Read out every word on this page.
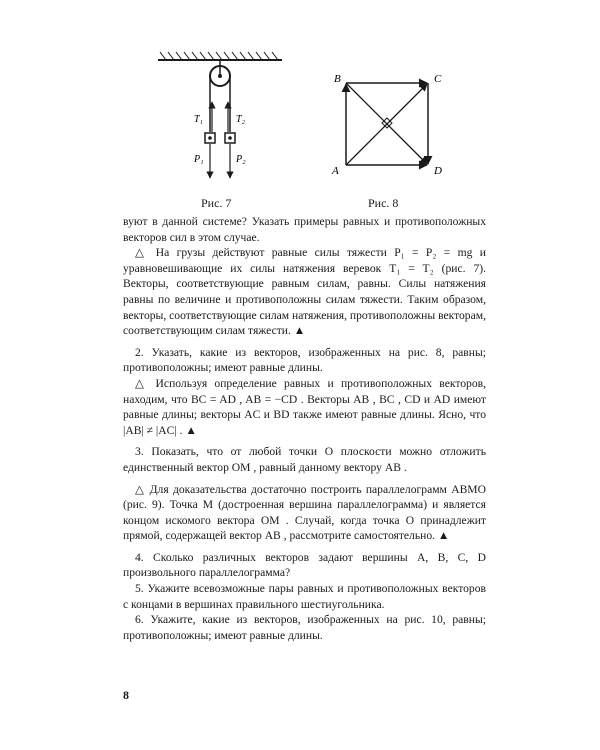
T₁	T₂
P₁	P₂
Рис. 7
A
B	C
D
Рис. 8

вуют в данной системе? Указать примеры равных и противоположных векторов сил в этом случае.

△ На грузы действуют равные силы тяжести P₁ = P₂ = mg и уравновешивающие их силы натяжения веревок T₁ = T₂ (рис. 7). Векторы, соответствующие равным силам, равны. Силы натяжения равны по величине и противоположны силам тяжести. Таким образом, векторы, соответствующие силам натяжения, противоположны векторам, соответствующим силам тяжести. ▲

2. Указать, какие из векторов, изображенных на рис. 8, равны; противоположны; имеют равные длины.

△ Используя определение равных и противоположных векторов, находим, что BC = AD , AB = −CD . Векторы AB , BC , CD и AD имеют равные длины; векторы AC и BD также имеют равные длины. Ясно, что |AB| ≠ |AC| . ▲

3. Показать, что от любой точки O плоскости можно отложить единственный вектор OM , равный данному вектору AB .

△ Для доказательства достаточно построить параллелограмм ABMO (рис. 9). Точка M (достроенная вершина параллелограмма) и является концом искомого вектора OM . Случай, когда точка O принадлежит прямой, содержащей вектор AB , рассмотрите самостоятельно. ▲

4. Сколько различных векторов задают вершины A, B, C, D произвольного параллелограмма?

5. Укажите всевозможные пары равных и противоположных векторов с концами в вершинах правильного шестиугольника.

6. Укажите, какие из векторов, изображенных на рис. 10, равны; противоположны; имеют равные длины.

8
